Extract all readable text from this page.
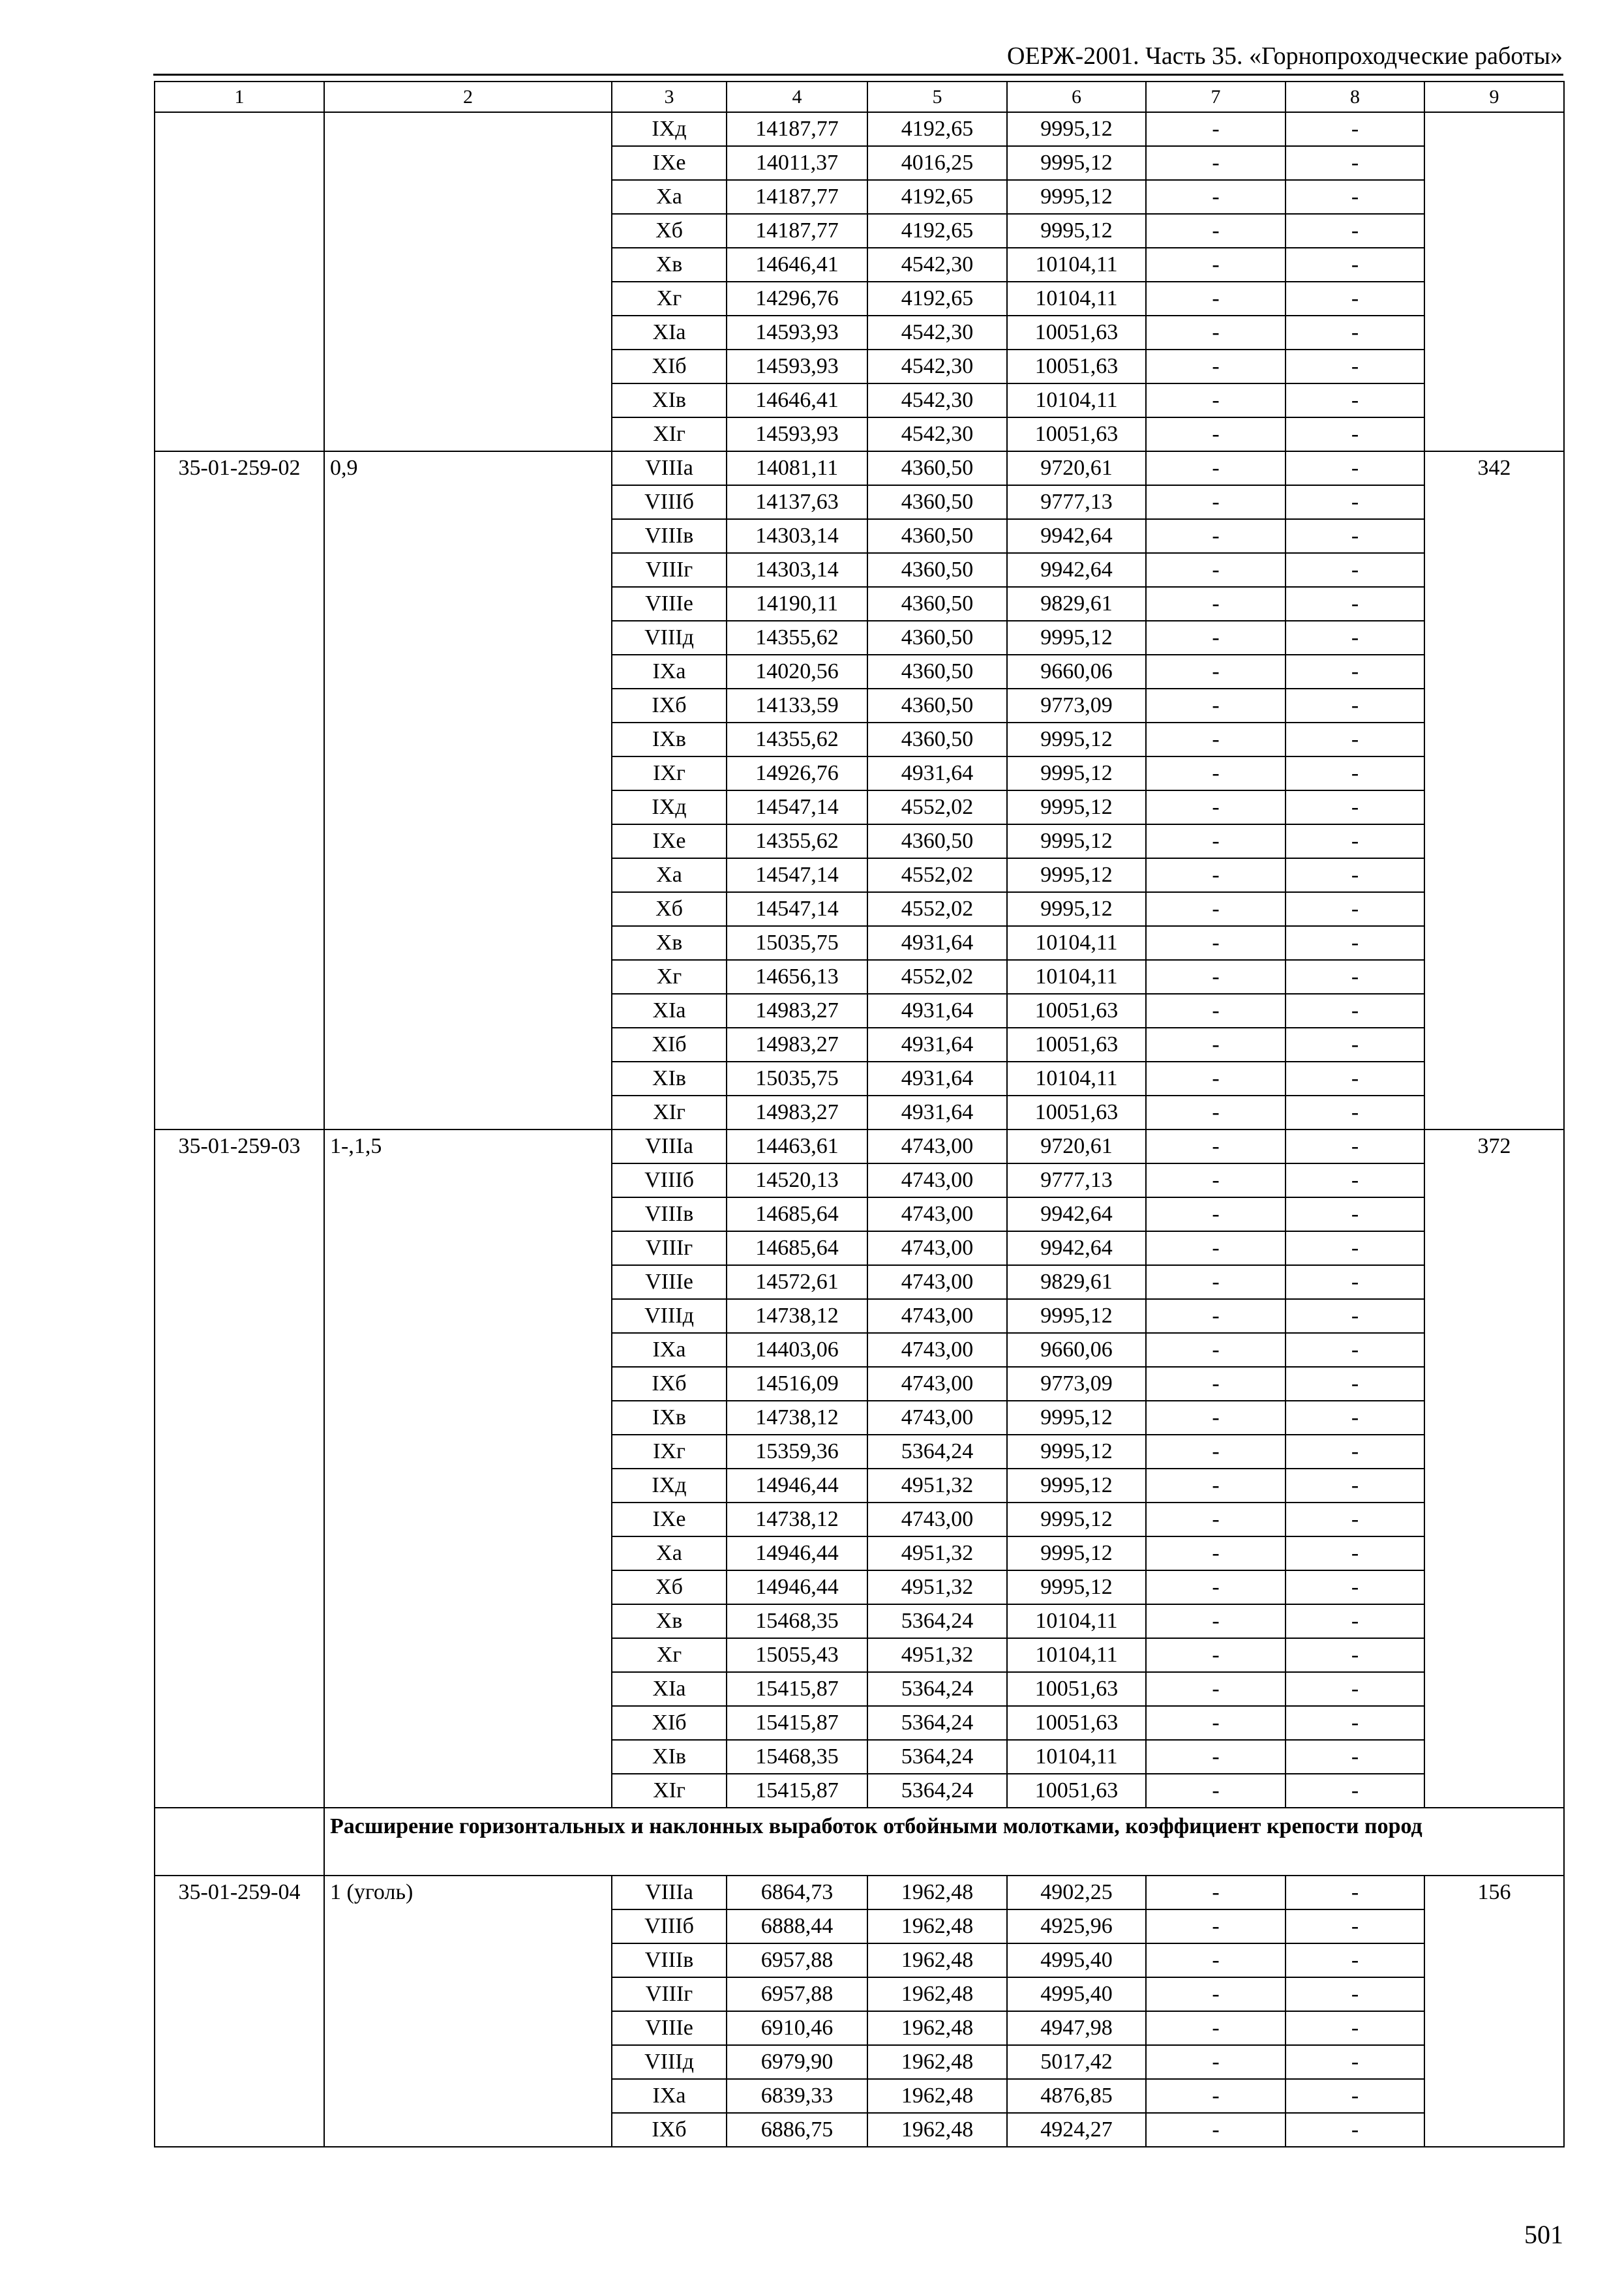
ОЕРЖ-2001. Часть 35. «Горнопроходческие работы»
1	2	3	4	5	6	7	8	9
		IXд	14187,77	4192,65	9995,12	-	-	
		IXе	14011,37	4016,25	9995,12	-	-	
		Xа	14187,77	4192,65	9995,12	-	-	
		Xб	14187,77	4192,65	9995,12	-	-	
		Xв	14646,41	4542,30	10104,11	-	-	
		Xг	14296,76	4192,65	10104,11	-	-	
		XIа	14593,93	4542,30	10051,63	-	-	
		XIб	14593,93	4542,30	10051,63	-	-	
		XIв	14646,41	4542,30	10104,11	-	-	
		XIг	14593,93	4542,30	10051,63	-	-	
35-01-259-02	0,9	VIIIа	14081,11	4360,50	9720,61	-	-	342
		VIIIб	14137,63	4360,50	9777,13	-	-	
		VIIIв	14303,14	4360,50	9942,64	-	-	
		VIIIг	14303,14	4360,50	9942,64	-	-	
		VIIIе	14190,11	4360,50	9829,61	-	-	
		VIIIд	14355,62	4360,50	9995,12	-	-	
		IXа	14020,56	4360,50	9660,06	-	-	
		IXб	14133,59	4360,50	9773,09	-	-	
		IXв	14355,62	4360,50	9995,12	-	-	
		IXг	14926,76	4931,64	9995,12	-	-	
		IXд	14547,14	4552,02	9995,12	-	-	
		IXе	14355,62	4360,50	9995,12	-	-	
		Xа	14547,14	4552,02	9995,12	-	-	
		Xб	14547,14	4552,02	9995,12	-	-	
		Xв	15035,75	4931,64	10104,11	-	-	
		Xг	14656,13	4552,02	10104,11	-	-	
		XIа	14983,27	4931,64	10051,63	-	-	
		XIб	14983,27	4931,64	10051,63	-	-	
		XIв	15035,75	4931,64	10104,11	-	-	
		XIг	14983,27	4931,64	10051,63	-	-	
35-01-259-03	1-,1,5	VIIIа	14463,61	4743,00	9720,61	-	-	372
		VIIIб	14520,13	4743,00	9777,13	-	-	
		VIIIв	14685,64	4743,00	9942,64	-	-	
		VIIIг	14685,64	4743,00	9942,64	-	-	
		VIIIе	14572,61	4743,00	9829,61	-	-	
		VIIIд	14738,12	4743,00	9995,12	-	-	
		IXа	14403,06	4743,00	9660,06	-	-	
		IXб	14516,09	4743,00	9773,09	-	-	
		IXв	14738,12	4743,00	9995,12	-	-	
		IXг	15359,36	5364,24	9995,12	-	-	
		IXд	14946,44	4951,32	9995,12	-	-	
		IXе	14738,12	4743,00	9995,12	-	-	
		Xа	14946,44	4951,32	9995,12	-	-	
		Xб	14946,44	4951,32	9995,12	-	-	
		Xв	15468,35	5364,24	10104,11	-	-	
		Xг	15055,43	4951,32	10104,11	-	-	
		XIа	15415,87	5364,24	10051,63	-	-	
		XIб	15415,87	5364,24	10051,63	-	-	
		XIв	15468,35	5364,24	10104,11	-	-	
		XIг	15415,87	5364,24	10051,63	-	-	
	Расширение горизонтальных и наклонных выработок отбойными молотками, коэффициент крепости пород							
35-01-259-04	1 (уголь)	VIIIа	6864,73	1962,48	4902,25	-	-	156
		VIIIб	6888,44	1962,48	4925,96	-	-	
		VIIIв	6957,88	1962,48	4995,40	-	-	
		VIIIг	6957,88	1962,48	4995,40	-	-	
		VIIIе	6910,46	1962,48	4947,98	-	-	
		VIIIд	6979,90	1962,48	5017,42	-	-	
		IXа	6839,33	1962,48	4876,85	-	-	
		IXб	6886,75	1962,48	4924,27	-	-	
501
